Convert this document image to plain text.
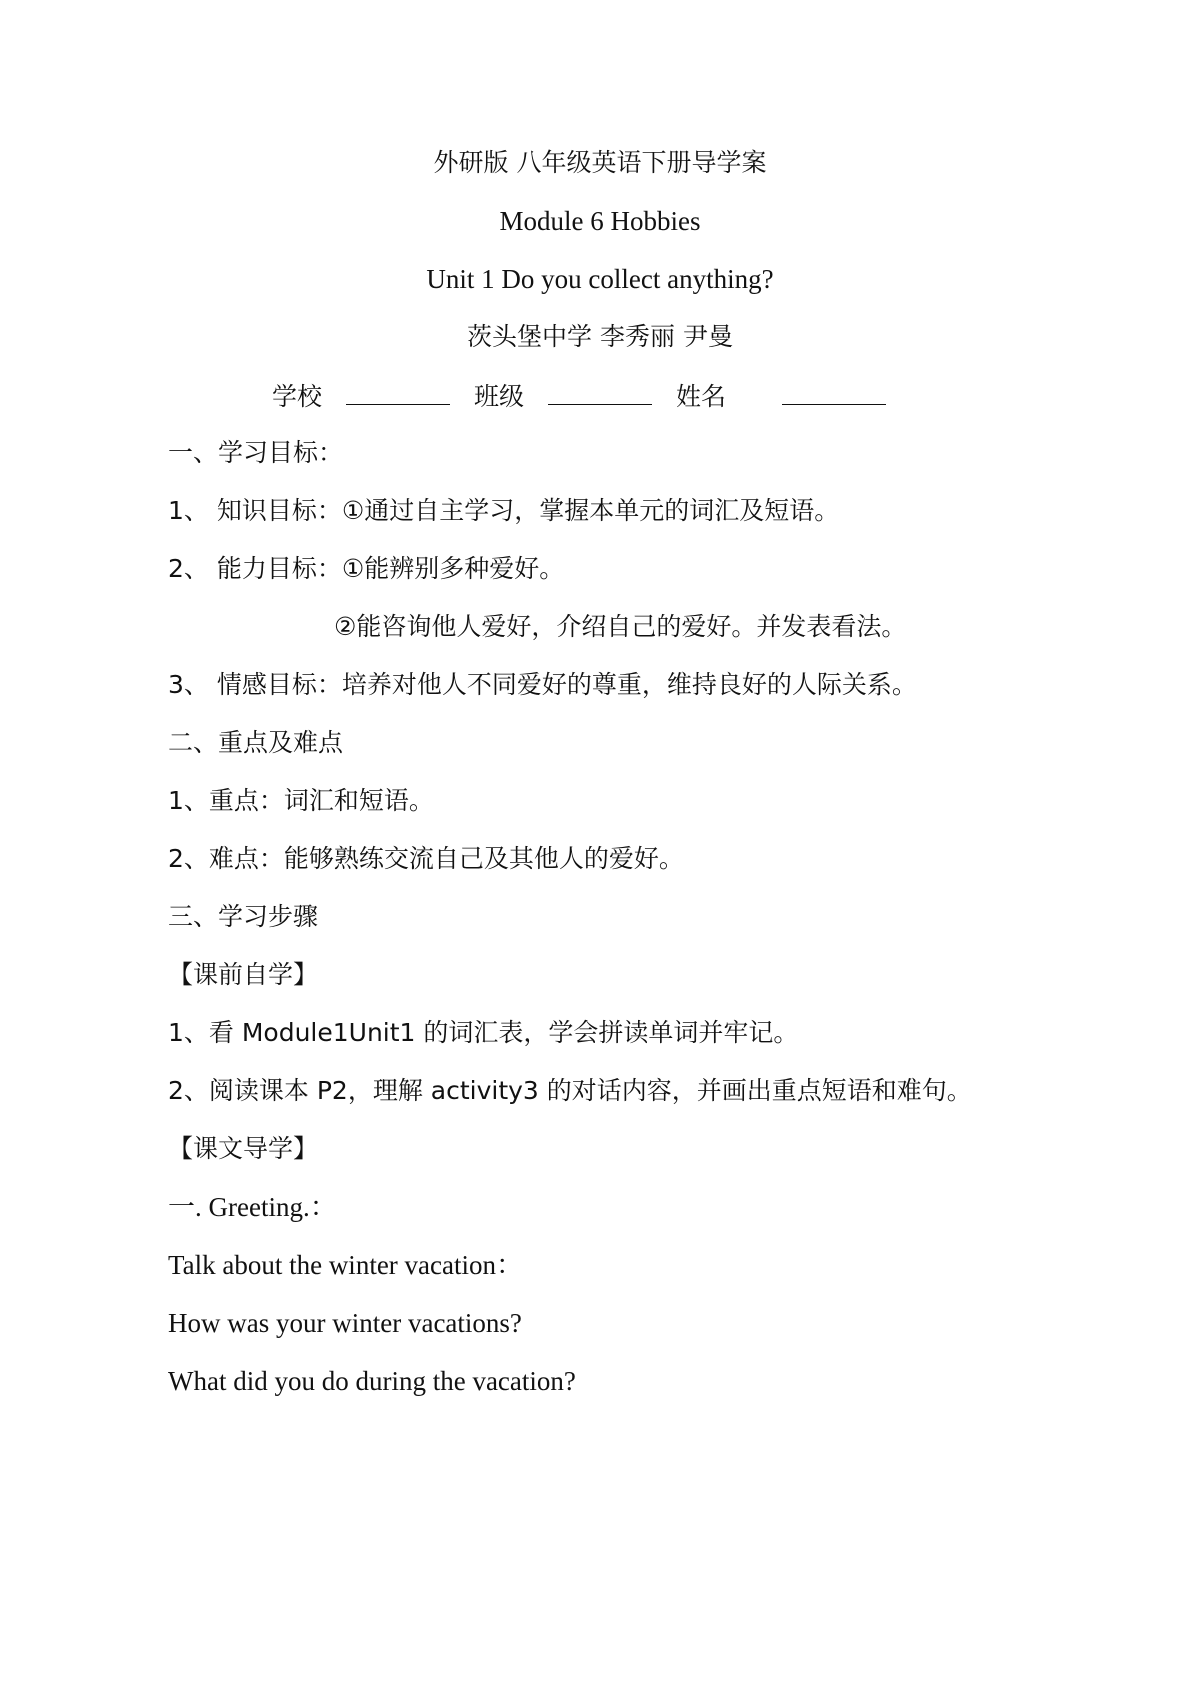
外研版 八年级英语下册导学案
Module 6 Hobbies
Unit 1 Do you collect anything?
茨头堡中学 李秀丽 尹曼
学校	班级	姓名
一、学习目标：
1、 知识目标：①通过自主学习，掌握本单元的词汇及短语。
2、 能力目标：①能辨别多种爱好。
②能咨询他人爱好，介绍自己的爱好。并发表看法。
3、 情感目标：培养对他人不同爱好的尊重，维持良好的人际关系。
二、重点及难点
1、重点：词汇和短语。
2、难点：能够熟练交流自己及其他人的爱好。
三、学习步骤
【课前自学】
1、看 Module1Unit1 的词汇表，学会拼读单词并牢记。
2、阅读课本 P2，理解 activity3 的对话内容，并画出重点短语和难句。
【课文导学】
一. Greeting.：
Talk about the winter vacation：
How was your winter vacations?
What did you do during the vacation?
